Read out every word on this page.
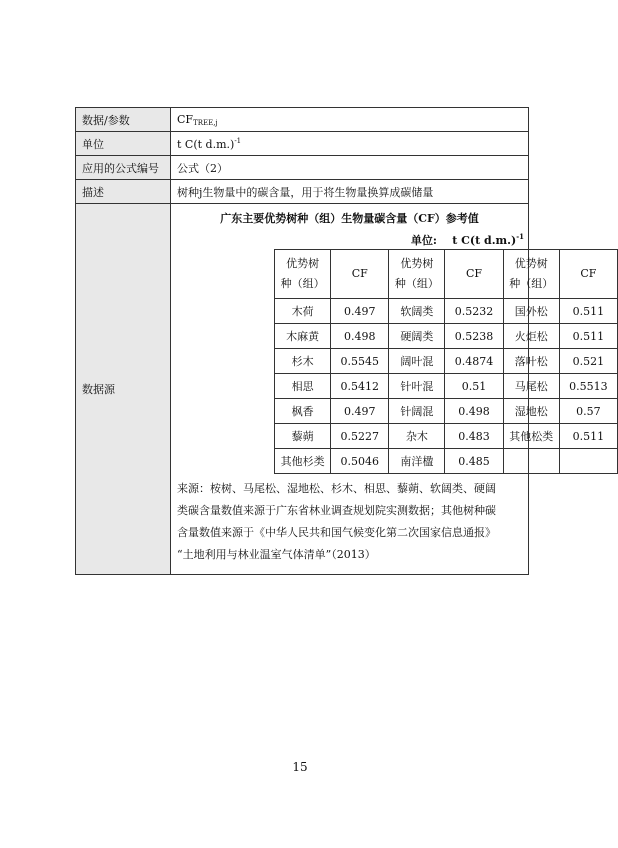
数据/参数	$CF_{TREE,j}$
单位	t C(t d.m.)$^{-1}$
应用的公式编号	公式（2）
描述	树种j生物量中的碳含量，用于将生物量换算成碳储量
数据源	
广东主要优势树种（组）生物量碳含量（CF）参考值
单位: t C(t d.m.)$^{-1}$
优势树
种（组）	CF	优势树
种（组）	CF	优势树
种（组）	CF
木荷	0.497	软阔类	0.5232	国外松	0.511
木麻黄	0.498	硬阔类	0.5238	火炬松	0.511
杉木	0.5545	阔叶混	0.4874	落叶松	0.521
相思	0.5412	针叶混	0.51	马尾松	0.5513
枫香	0.497	针阔混	0.498	湿地松	0.57
藜蒴	0.5227	杂木	0.483	其他松类	0.511
其他杉类	0.5046	南洋楹	0.485		
来源：桉树、马尾松、湿地松、杉木、相思、藜蒴、软阔类、硬阔
类碳含量数值来源于广东省林业调查规划院实测数据；其他树种碳
含量数值来源于《中华人民共和国气候变化第二次国家信息通报》
“土地利用与林业温室气体清单”（2013）
15
